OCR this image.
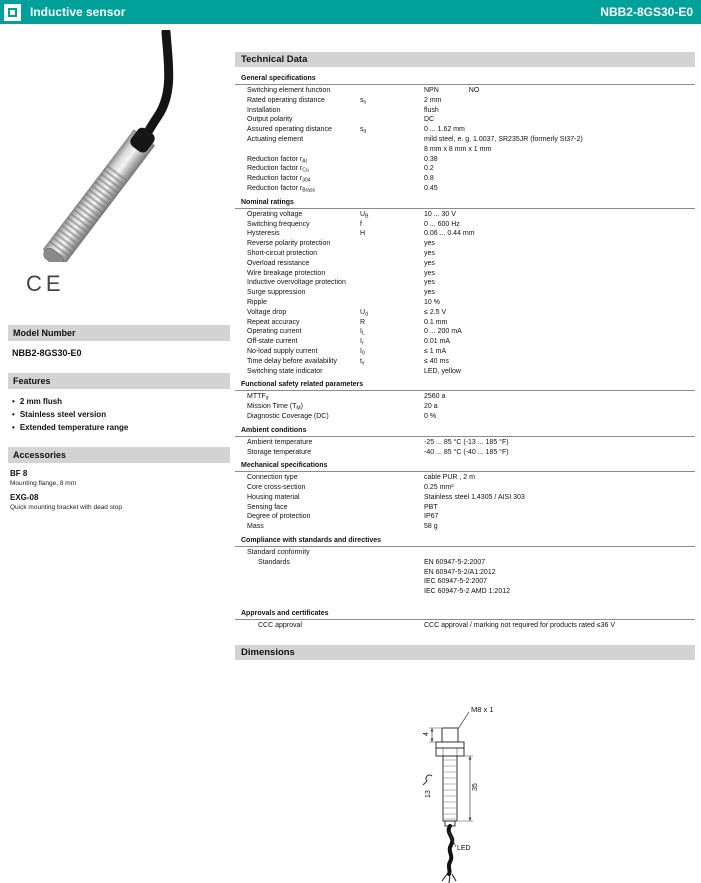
Inductive sensor	NBB2-8GS30-E0
CE
Model Number
NBB2-8GS30-E0
Features
• 2 mm flush
• Stainless steel version
• Extended temperature range
Accessories
BF 8
Mounting flange, 8 mm
EXG-08
Quick mounting bracket with dead stop
Technical Data
General specifications
Switching element function	NPN	NO
Rated operating distance	$s_n$	2 mm
Installation	flush
Output polarity	DC
Assured operating distance	$s_a$	0 ... 1.62 mm
Actuating element	mild steel, e. g. 1.0037, SR235JR (formerly St37-2)
8 mm x 8 mm x 1 mm
Reduction factor $r_{Al}$	0.38
Reduction factor $r_{Cu}$	0.2
Reduction factor $r_{304}$	0.8
Reduction factor $r_{Brass}$	0.45
Nominal ratings
Operating voltage	$U_B$	10 ... 30 V
Switching frequency	f	0 ... 600 Hz
Hysteresis	H	0.06 ... 0.44 mm
Reverse polarity protection	yes
Short-circuit protection	yes
Overload resistance	yes
Wire breakage protection	yes
Inductive overvoltage protection	yes
Surge suppression	yes
Ripple	10 %
Voltage drop	$U_d$	≤ 2.5 V
Repeat accuracy	R	0.1 mm
Operating current	$I_L$	0 ... 200 mA
Off-state current	$I_r$	0.01 mA
No-load supply current	$I_0$	≤ 1 mA
Time delay before availability	$t_v$	≤ 40 ms
Switching state indicator	LED, yellow
Functional safety related parameters
$MTTF_d$	2560 a
Mission Time $(T_M)$	20 a
Diagnostic Coverage (DC)	0 %
Ambient conditions
Ambient temperature	-25 ... 85 °C (-13 ... 185 °F)
Storage temperature	-40 ... 85 °C (-40 ... 185 °F)
Mechanical specifications
Connection type	cable PUR , 2 m
Core cross-section	0.25 mm²
Housing material	Stainless steel 1.4305 / AISI 303
Sensing face	PBT
Degree of protection	IP67
Mass	58 g
Compliance with standards and directives
Standard conformity
Standards	EN 60947-5-2:2007
EN 60947-5-2/A1:2012
IEC 60947-5-2:2007
IEC 60947-5-2 AMD 1:2012
Approvals and certificates
CCC approval	CCC approval / marking not required for products rated ≤36 V
Dimensions
M8 x 1
4
35
13
LED
